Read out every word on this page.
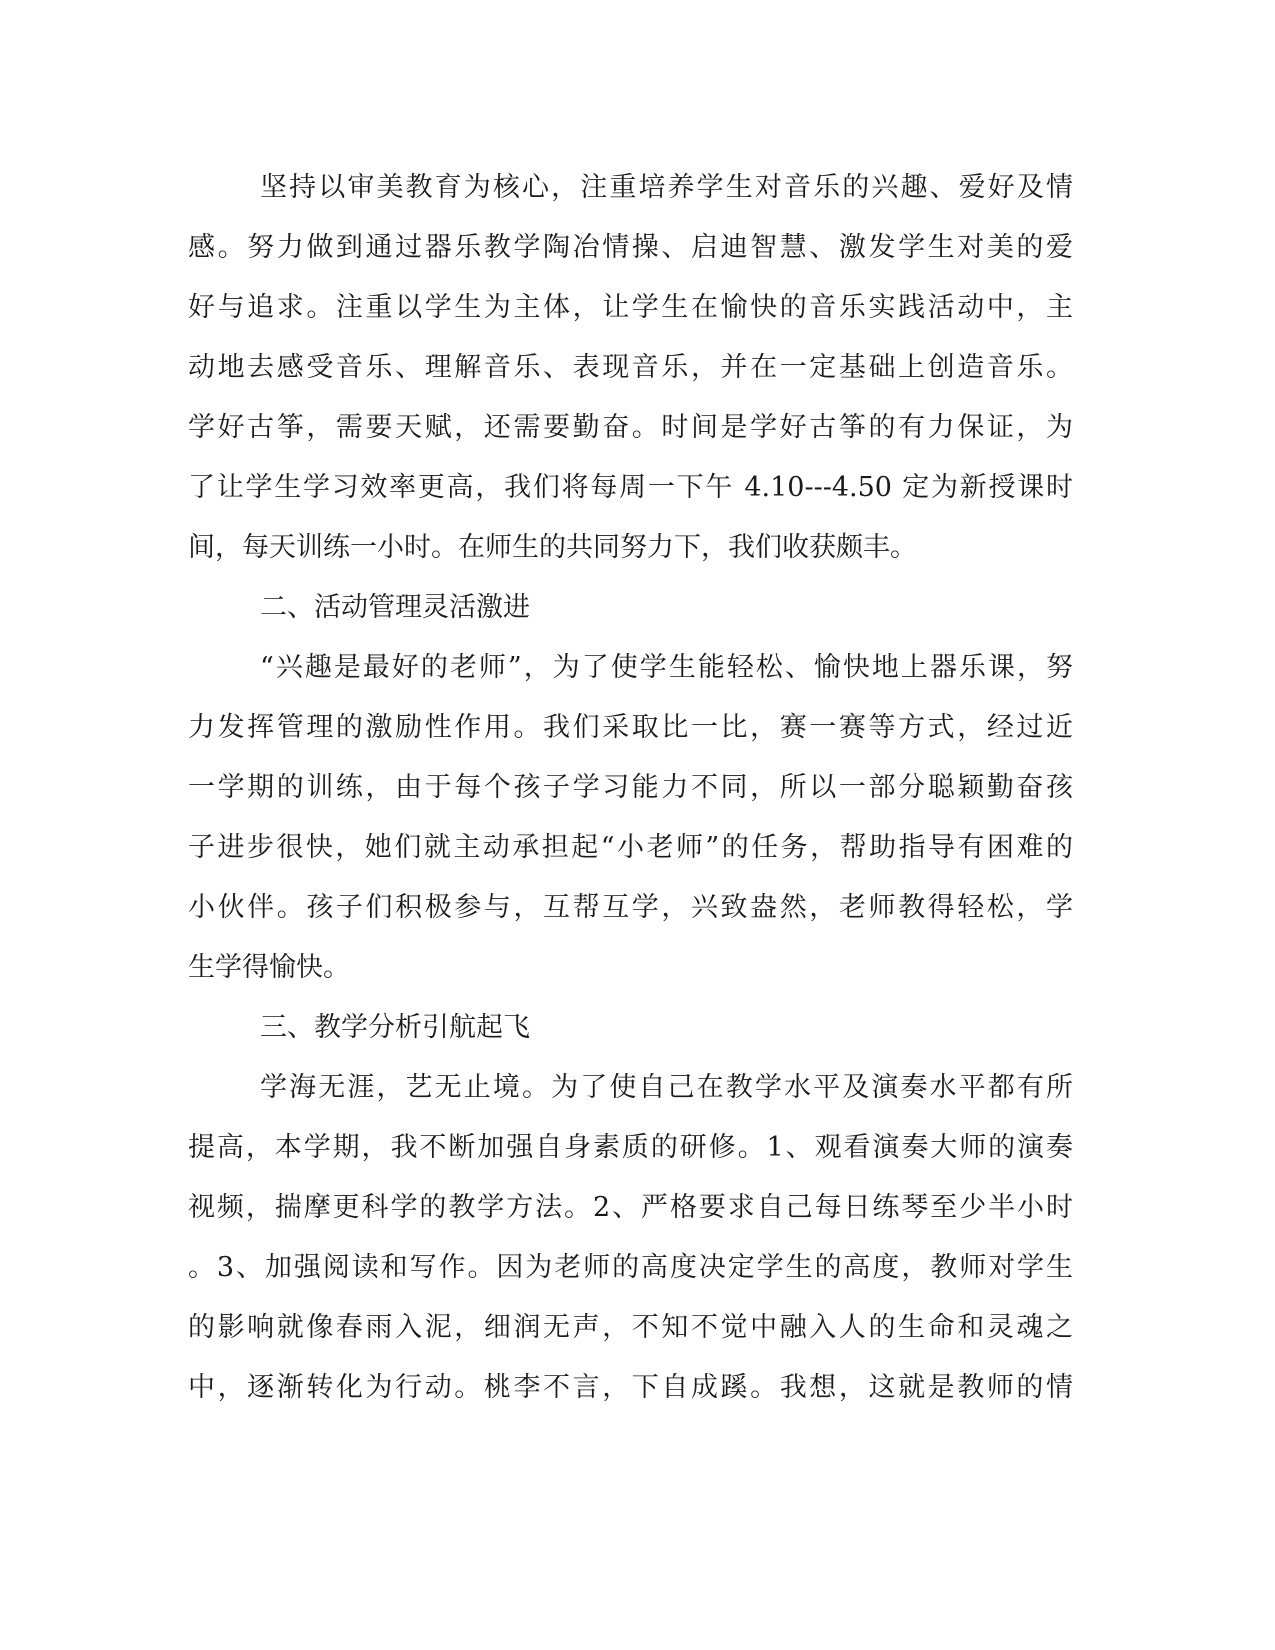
坚持以审美教育为核心，注重培养学生对音乐的兴趣、爱好及情
感。努力做到通过器乐教学陶冶情操、启迪智慧、激发学生对美的爱
好与追求。注重以学生为主体，让学生在愉快的音乐实践活动中，主
动地去感受音乐、理解音乐、表现音乐，并在一定基础上创造音乐。
学好古筝，需要天赋，还需要勤奋。时间是学好古筝的有力保证，为
了让学生学习效率更高，我们将每周一下午 4.10---4.50 定为新授课时
间，每天训练一小时。在师生的共同努力下，我们收获颇丰。
二、活动管理灵活激进
“兴趣是最好的老师”，为了使学生能轻松、愉快地上器乐课，努
力发挥管理的激励性作用。我们采取比一比，赛一赛等方式，经过近
一学期的训练，由于每个孩子学习能力不同，所以一部分聪颖勤奋孩
子进步很快，她们就主动承担起“小老师”的任务，帮助指导有困难的
小伙伴。孩子们积极参与，互帮互学，兴致盎然，老师教得轻松，学
生学得愉快。
三、教学分析引航起飞
学海无涯，艺无止境。为了使自己在教学水平及演奏水平都有所
提高，本学期，我不断加强自身素质的研修。1、观看演奏大师的演奏
视频，揣摩更科学的教学方法。2、严格要求自己每日练琴至少半小时
。3、加强阅读和写作。因为老师的高度决定学生的高度，教师对学生
的影响就像春雨入泥，细润无声，不知不觉中融入人的生命和灵魂之
中，逐渐转化为行动。桃李不言，下自成蹊。我想，这就是教师的情
